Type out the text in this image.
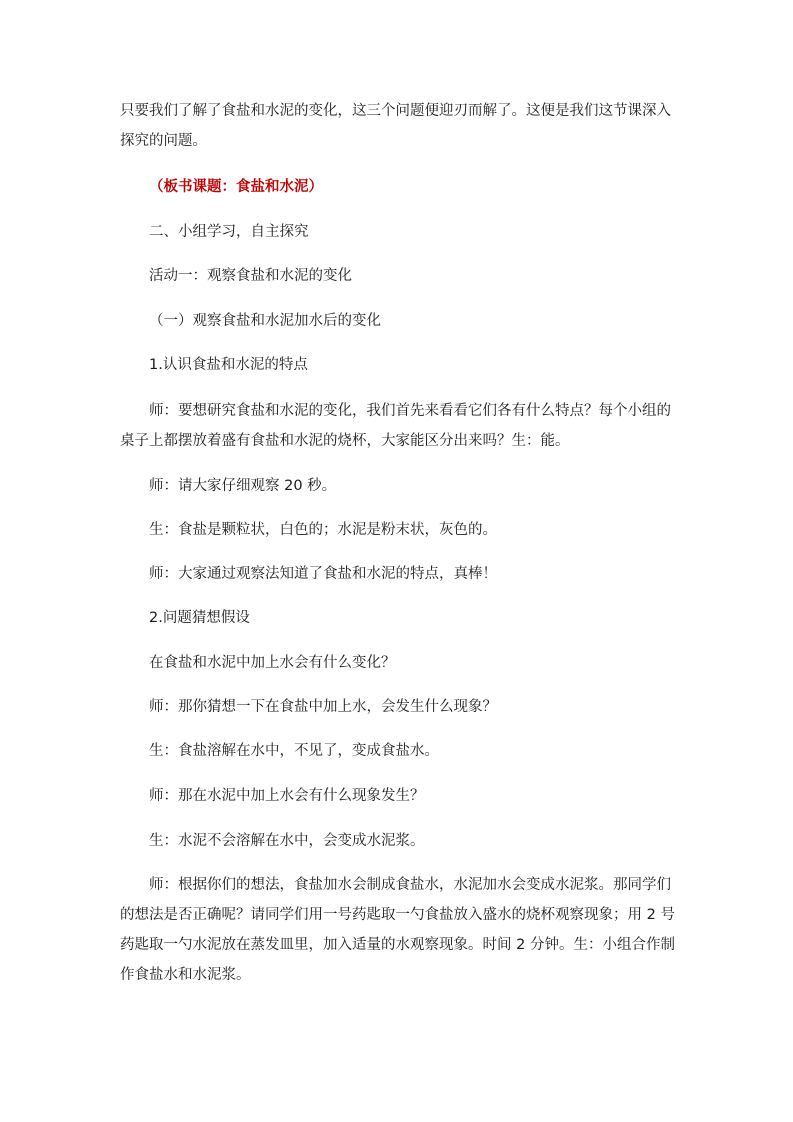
只要我们了解了食盐和水泥的变化，这三个问题便迎刃而解了。这便是我们这节课深入探究的问题。

（板书课题：食盐和水泥）

二、小组学习，自主探究

活动一：观察食盐和水泥的变化

（一）观察食盐和水泥加水后的变化

1.认识食盐和水泥的特点

师：要想研究食盐和水泥的变化，我们首先来看看它们各有什么特点？每个小组的桌子上都摆放着盛有食盐和水泥的烧杯，大家能区分出来吗？生：能。

师：请大家仔细观察 20 秒。

生：食盐是颗粒状，白色的；水泥是粉末状，灰色的。

师：大家通过观察法知道了食盐和水泥的特点，真棒！

2.问题猜想假设

在食盐和水泥中加上水会有什么变化？

师：那你猜想一下在食盐中加上水，会发生什么现象？

生：食盐溶解在水中，不见了，变成食盐水。

师：那在水泥中加上水会有什么现象发生？

生：水泥不会溶解在水中，会变成水泥浆。

师：根据你们的想法，食盐加水会制成食盐水，水泥加水会变成水泥浆。那同学们的想法是否正确呢？请同学们用一号药匙取一勺食盐放入盛水的烧杯观察现象；用 2 号药匙取一勺水泥放在蒸发皿里，加入适量的水观察现象。时间 2 分钟。生：小组合作制作食盐水和水泥浆。
